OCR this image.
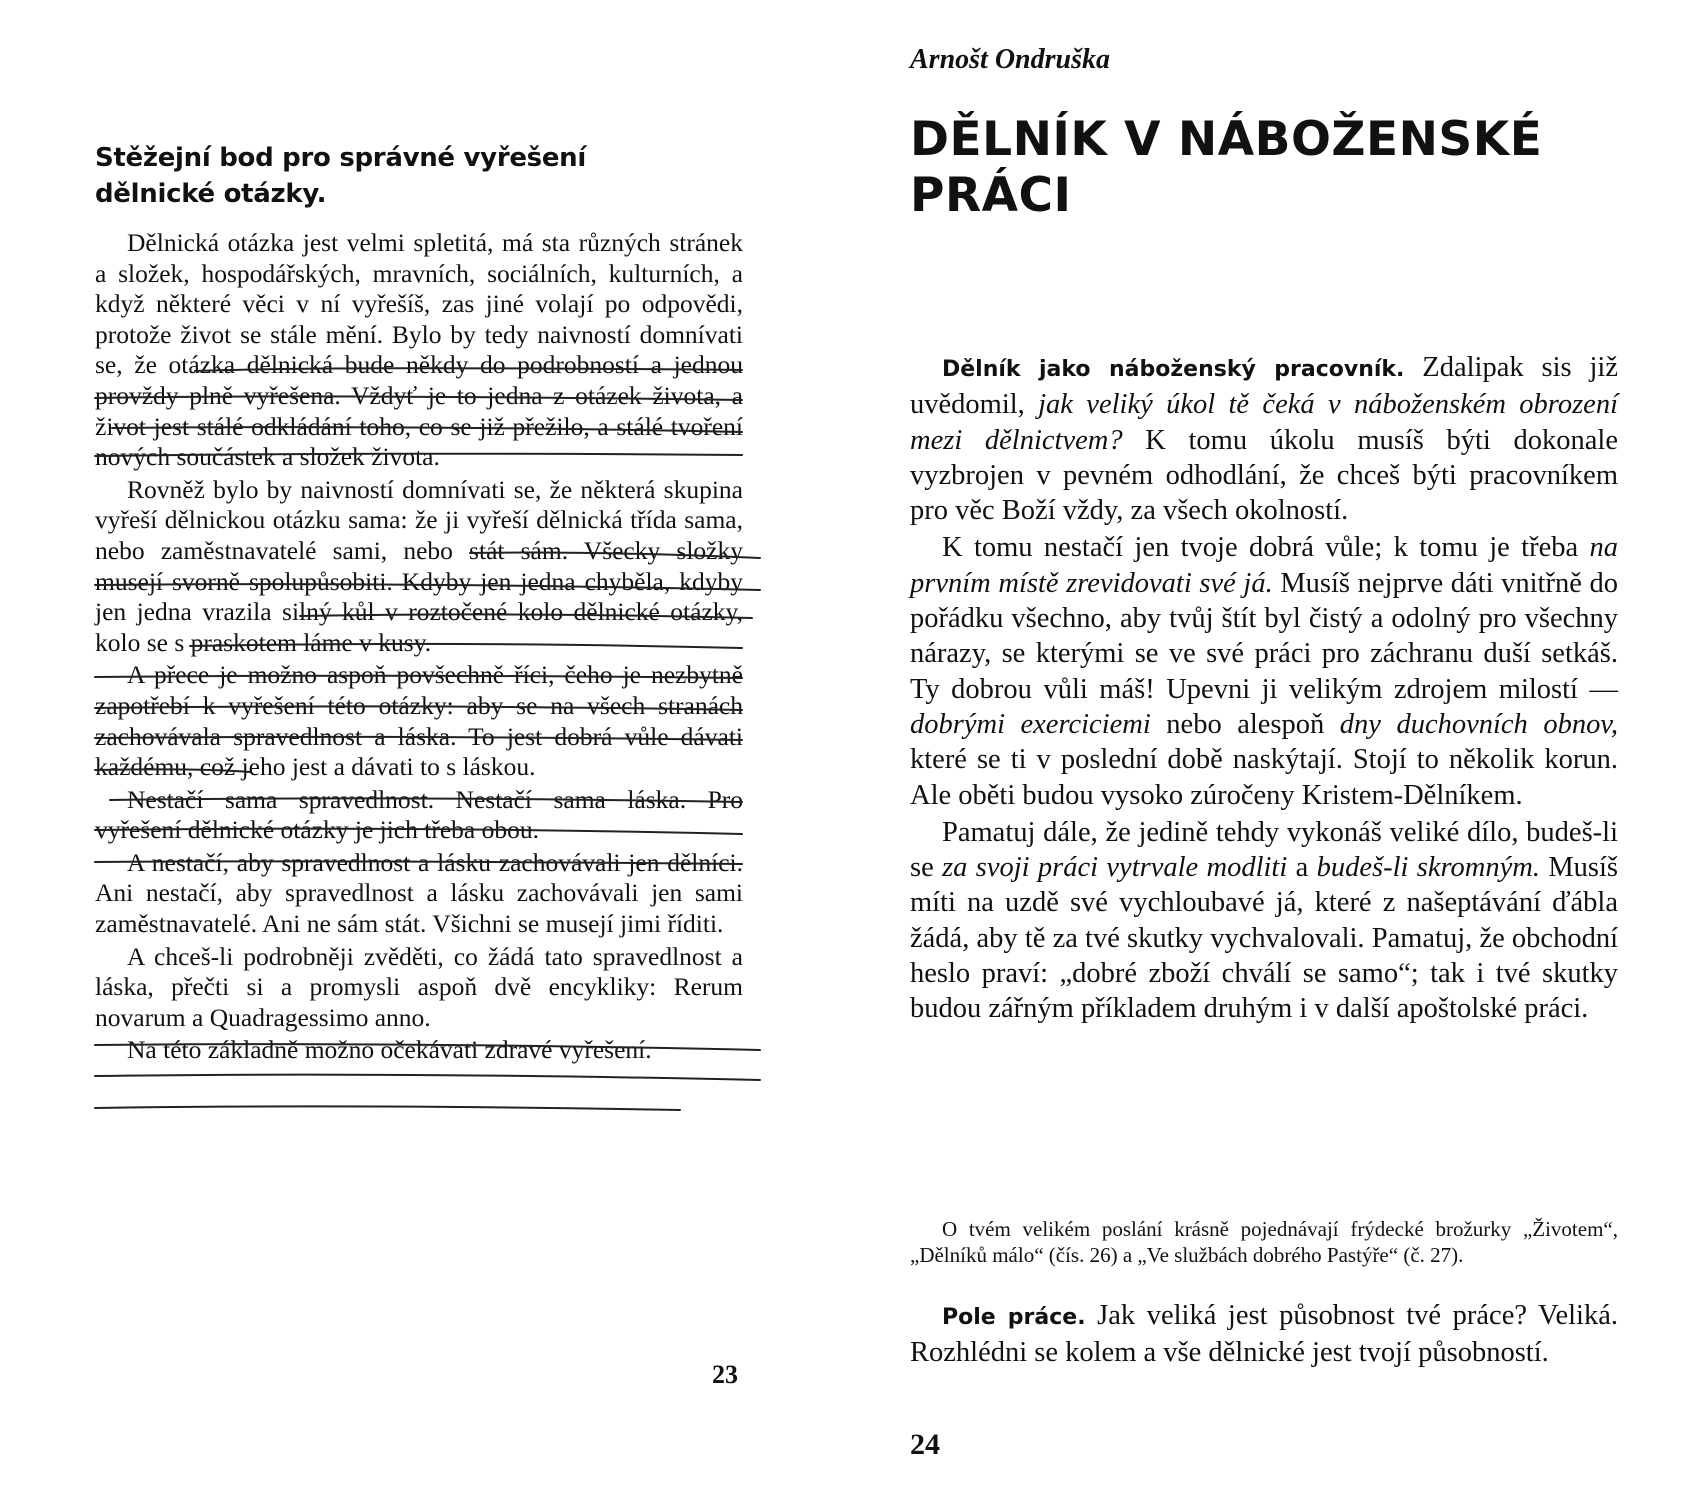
Stěžejní bod pro správné vyřešení dělnické otázky.

Dělnická otázka jest velmi spletitá, má sta různých stránek a složek, hospodářských, mravních, sociálních, kulturních, a když některé věci v ní vyřešíš, zas jiné volají po odpovědi, protože život se stále mění. Bylo by tedy naivností domnívati se, že otázka dělnická bude někdy do podrobností a jednou provždy plně vyřešena. Vždyť je to jedna z otázek života, a život jest stálé odkládání toho, co se již přežilo, a stálé tvoření nových součástek a složek života.

Rovněž bylo by naivností domnívati se, že některá skupina vyřeší dělnickou otázku sama: že ji vyřeší dělnická třída sama, nebo zaměstnavatelé sami, nebo stát sám. Všecky složky musejí svorně spolupůsobiti. Kdyby jen jedna chyběla, kdyby jen jedna vrazila silný kůl v roztočené kolo dělnické otázky, kolo se s praskotem láme v kusy.

A přece je možno aspoň povšechně říci, čeho je nezbytně zapotřebí k vyřešení této otázky: aby se na všech stranách zachovávala spravedlnost a láska. To jest dobrá vůle dávati každému, což jeho jest a dávati to s láskou.

Nestačí sama spravedlnost. Nestačí sama láska. Pro vyřešení dělnické otázky je jich třeba obou.

A nestačí, aby spravedlnost a lásku zachovávali jen dělníci. Ani nestačí, aby spravedlnost a lásku zachovávali jen sami zaměstnavatelé. Ani ne sám stát. Všichni se musejí jimi říditi.

A chceš-li podrobněji zvěděti, co žádá tato spravedlnost a láska, přečti si a promysli aspoň dvě encykliky: Rerum novarum a Quadragessimo anno.

Na této základně možno očekávati zdravé vyřešení.

23
Arnošt Ondruška
DĚLNÍK V NÁBOŽENSKÉ PRÁCI

Dělník jako náboženský pracovník. Zdalipak sis již uvědomil, jak veliký úkol tě čeká v náboženském obrození mezi dělnictvem? K tomu úkolu musíš býti dokonale vyzbrojen v pevném odhodlání, že chceš býti pracovníkem pro věc Boží vždy, za všech okolností.

K tomu nestačí jen tvoje dobrá vůle; k tomu je třeba na prvním místě zrevidovati své já. Musíš nejprve dáti vnitřně do pořádku všechno, aby tvůj štít byl čistý a odolný pro všechny nárazy, se kterými se ve své práci pro záchranu duší setkáš. Ty dobrou vůli máš! Upevni ji velikým zdrojem milostí — dobrými exerciciemi nebo alespoň dny duchovních obnov, které se ti v poslední době naskýtají. Stojí to několik korun. Ale oběti budou vysoko zúročeny Kristem-Dělníkem.

Pamatuj dále, že jedině tehdy vykonáš veliké dílo, budeš-li se za svoji práci vytrvale modliti a budeš-li skromným. Musíš míti na uzdě své vychloubavé já, které z našeptávání ďábla žádá, aby tě za tvé skutky vychvalovali. Pamatuj, že obchodní heslo praví: „dobré zboží chválí se samo“; tak i tvé skutky budou zářným příkladem druhým i v další apoštolské práci.

O tvém velikém poslání krásně pojednávají frýdecké brožurky „Životem“, „Dělníků málo“ (čís. 26) a „Ve službách dobrého Pastýře“ (č. 27).

Pole práce. Jak veliká jest působnost tvé práce? Veliká. Rozhlédni se kolem a vše dělnické jest tvojí působností.

24
